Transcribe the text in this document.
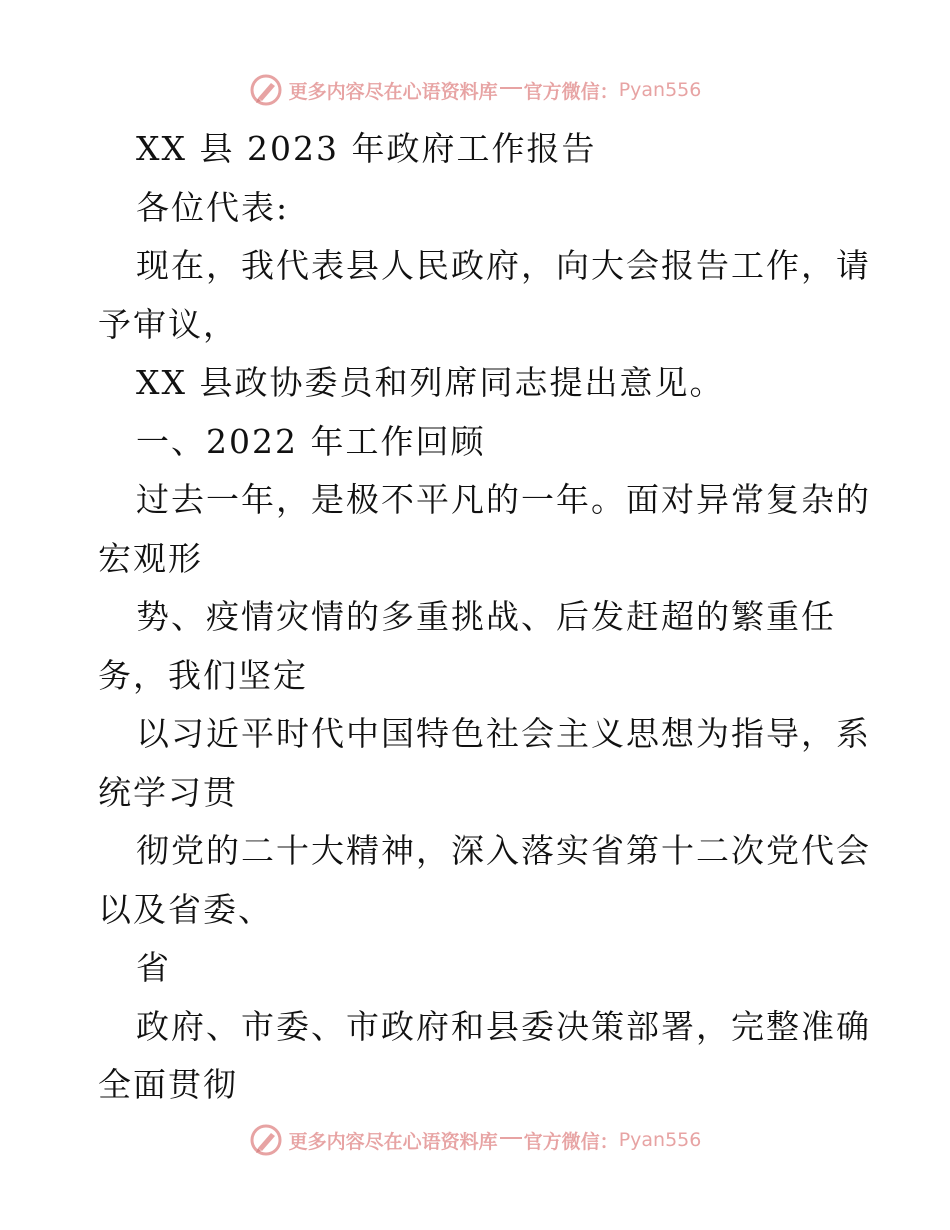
更多内容尽在心语资料库 官方微信： Pyan556
XX 县 2023 年政府工作报告
各位代表:
现在，我代表县人民政府，向大会报告工作，请
予审议，
XX 县政协委员和列席同志提出意见。
一、2022 年工作回顾
过去一年，是极不平凡的一年。面对异常复杂的
宏观形
势、疫情灾情的多重挑战、后发赶超的繁重任
务，我们坚定
以习近平时代中国特色社会主义思想为指导，系
统学习贯
彻党的二十大精神，深入落实省第十二次党代会
以及省委、
省
政府、市委、市政府和县委决策部署，完整准确
全面贯彻
更多内容尽在心语资料库 官方微信： Pyan556
